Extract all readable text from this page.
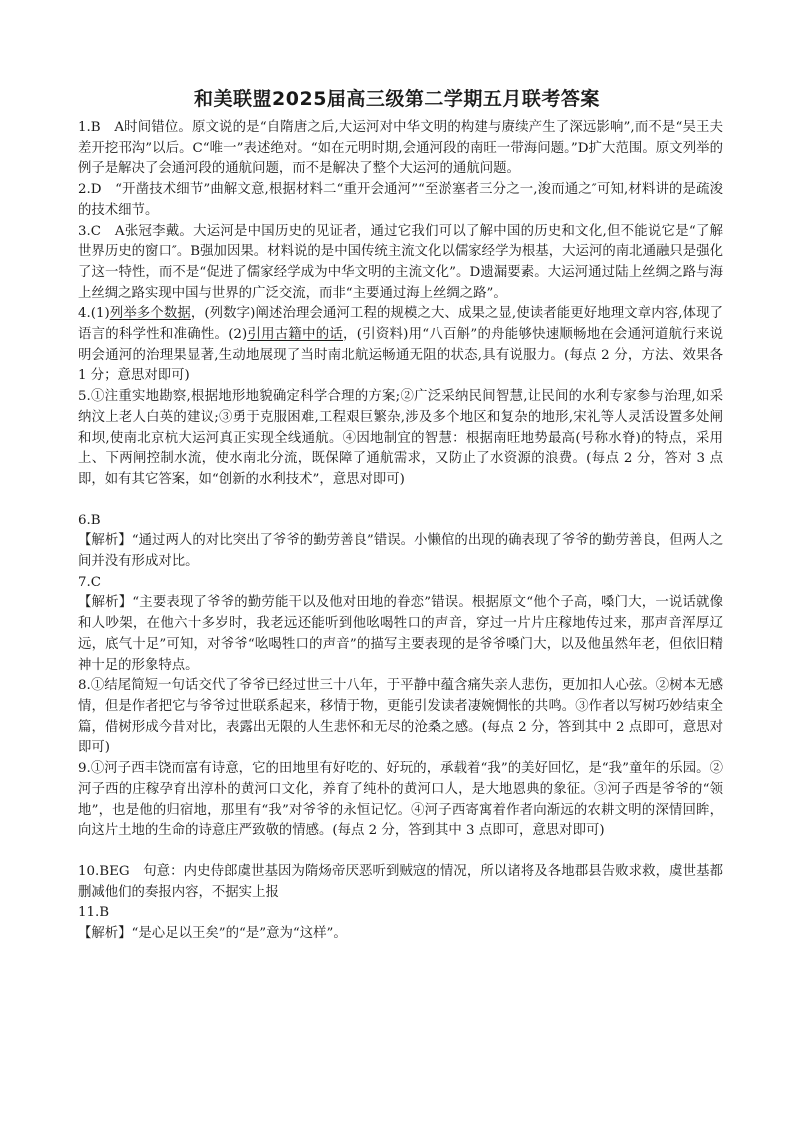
和美联盟2025届高三级第二学期五月联考答案

1.B　A时间错位。原文说的是“自隋唐之后,大运河对中华文明的构建与赓续产生了深远影响”,而不是“吴王夫差开挖邗沟”以后。C“唯一”表述绝对。“如在元明时期,会通河段的南旺一带海问题。”D扩大范围。原文列举的例子是解决了会通河段的通航问题，而不是解决了整个大运河的通航问题。

2.D　“开凿技术细节”曲解文意,根据材料二“重开会通河”“至淤塞者三分之一,浚而通之″可知,材料讲的是疏浚的技术细节。

3.C　A张冠李戴。大运河是中国历史的见证者，通过它我们可以了解中国的历史和文化,但不能说它是“了解世界历史的窗口″。B强加因果。材料说的是中国传统主流文化以儒家经学为根基，大运河的南北通融只是强化了这一特性，而不是“促进了儒家经学成为中华文明的主流文化”。D遗漏要素。大运河通过陆上丝绸之路与海上丝绸之路实现中国与世界的广泛交流，而非“主要通过海上丝绸之路”。

4.(1)列举多个数据，(列数字)阐述治理会通河工程的规模之大、成果之显,使读者能更好地理文章内容,体现了语言的科学性和准确性。(2)引用古籍中的话，(引资料)用“八百斛”的舟能够快速顺畅地在会通河道航行来说明会通河的治理果显著,生动地展现了当时南北航运畅通无阻的状态,具有说服力。(每点 2 分，方法、效果各 1 分；意思对即可)

5.①注重实地勘察,根据地形地貌确定科学合理的方案;②广泛采纳民间智慧,让民间的水利专家参与治理,如采纳汶上老人白英的建议;③勇于克服困难,工程艰巨繁杂,涉及多个地区和复杂的地形,宋礼等人灵活设置多处闸和坝,使南北京杭大运河真正实现全线通航。④因地制宜的智慧：根据南旺地势最高(号称水脊)的特点，采用上、下两闸控制水流，使水南北分流，既保障了通航需求，又防止了水资源的浪费。(每点 2 分，答对 3 点即，如有其它答案，如“创新的水利技术”，意思对即可)

6.B

【解析】“通过两人的对比突出了爷爷的勤劳善良”错误。小懒倌的出现的确表现了爷爷的勤劳善良，但两人之间并没有形成对比。

7.C

【解析】“主要表现了爷爷的勤劳能干以及他对田地的眷恋”错误。根据原文“他个子高，嗓门大，一说话就像和人吵架，在他六十多岁时，我老远还能听到他吆喝牲口的声音，穿过一片片庄稼地传过来，那声音浑厚辽远，底气十足”可知，对爷爷“吆喝牲口的声音”的描写主要表现的是爷爷嗓门大，以及他虽然年老，但依旧精神十足的形象特点。

8.①结尾简短一句话交代了爷爷已经过世三十八年，于平静中蕴含痛失亲人悲伤，更加扣人心弦。②树本无感情，但是作者把它与爷爷过世联系起来，移情于物，更能引发读者凄婉惆怅的共鸣。③作者以写树巧妙结束全篇，借树形成今昔对比，表露出无限的人生悲怀和无尽的沧桑之感。(每点 2 分，答到其中 2 点即可，意思对即可)

9.①河子西丰饶而富有诗意，它的田地里有好吃的、好玩的，承载着“我”的美好回忆，是“我”童年的乐园。②河子西的庄稼孕育出淳朴的黄河口文化，养育了纯朴的黄河口人，是大地恩典的象征。③河子西是爷爷的“领地”，也是他的归宿地，那里有“我”对爷爷的永恒记忆。④河子西寄寓着作者向渐远的农耕文明的深情回眸，向这片土地的生命的诗意庄严致敬的情感。(每点 2 分，答到其中 3 点即可，意思对即可)

10.BEG　句意：内史侍郎虞世基因为隋炀帝厌恶听到贼寇的情况，所以诸将及各地郡县告败求救，虞世基都删减他们的奏报内容，不据实上报

11.B

【解析】“是心足以王矣”的“是”意为“这样”。
